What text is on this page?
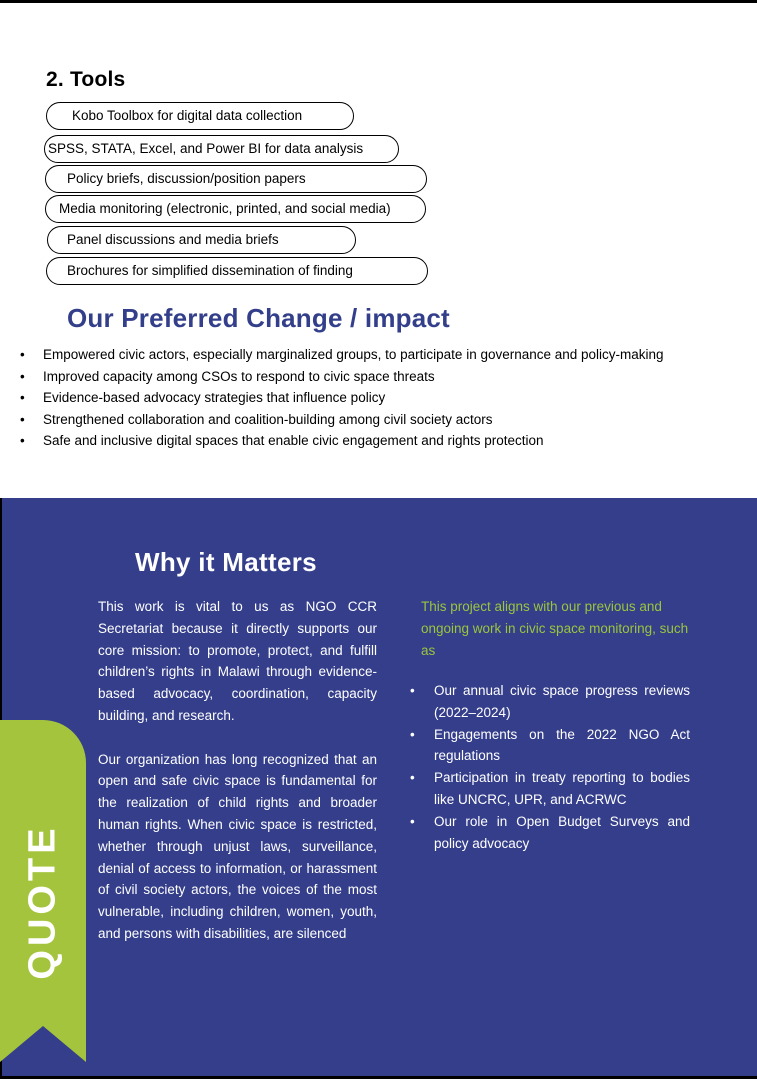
2. Tools
Kobo Toolbox for digital data collection
SPSS, STATA, Excel, and Power BI for data analysis
Policy briefs, discussion/position papers
Media monitoring (electronic, printed, and social media)
Panel discussions and media briefs
Brochures for simplified dissemination of finding
Our Preferred Change / impact
• Empowered civic actors, especially marginalized groups, to participate in governance and policy-making
• Improved capacity among CSOs to respond to civic space threats
• Evidence-based advocacy strategies that influence policy
• Strengthened collaboration and coalition-building among civil society actors
• Safe and inclusive digital spaces that enable civic engagement and rights protection
Why it Matters

This work is vital to us as NGO CCR Secretariat because it directly supports our core mission: to promote, protect, and fulfill children’s rights in Malawi through evidence-based advocacy, coordination, capacity building, and research.

Our organization has long recognized that an open and safe civic space is fundamental for the realization of child rights and broader human rights. When civic space is restricted, whether through unjust laws, surveillance, denial of access to information, or harassment of civil society actors, the voices of the most vulnerable, including children, women, youth, and persons with disabilities, are silenced

This project aligns with our previous and ongoing work in civic space monitoring, such as
• Our annual civic space progress reviews (2022–2024)
• Engagements on the 2022 NGO Act regulations
• Participation in treaty reporting to bodies like UNCRC, UPR, and ACRWC
• Our role in Open Budget Surveys and policy advocacy
QUOTE
